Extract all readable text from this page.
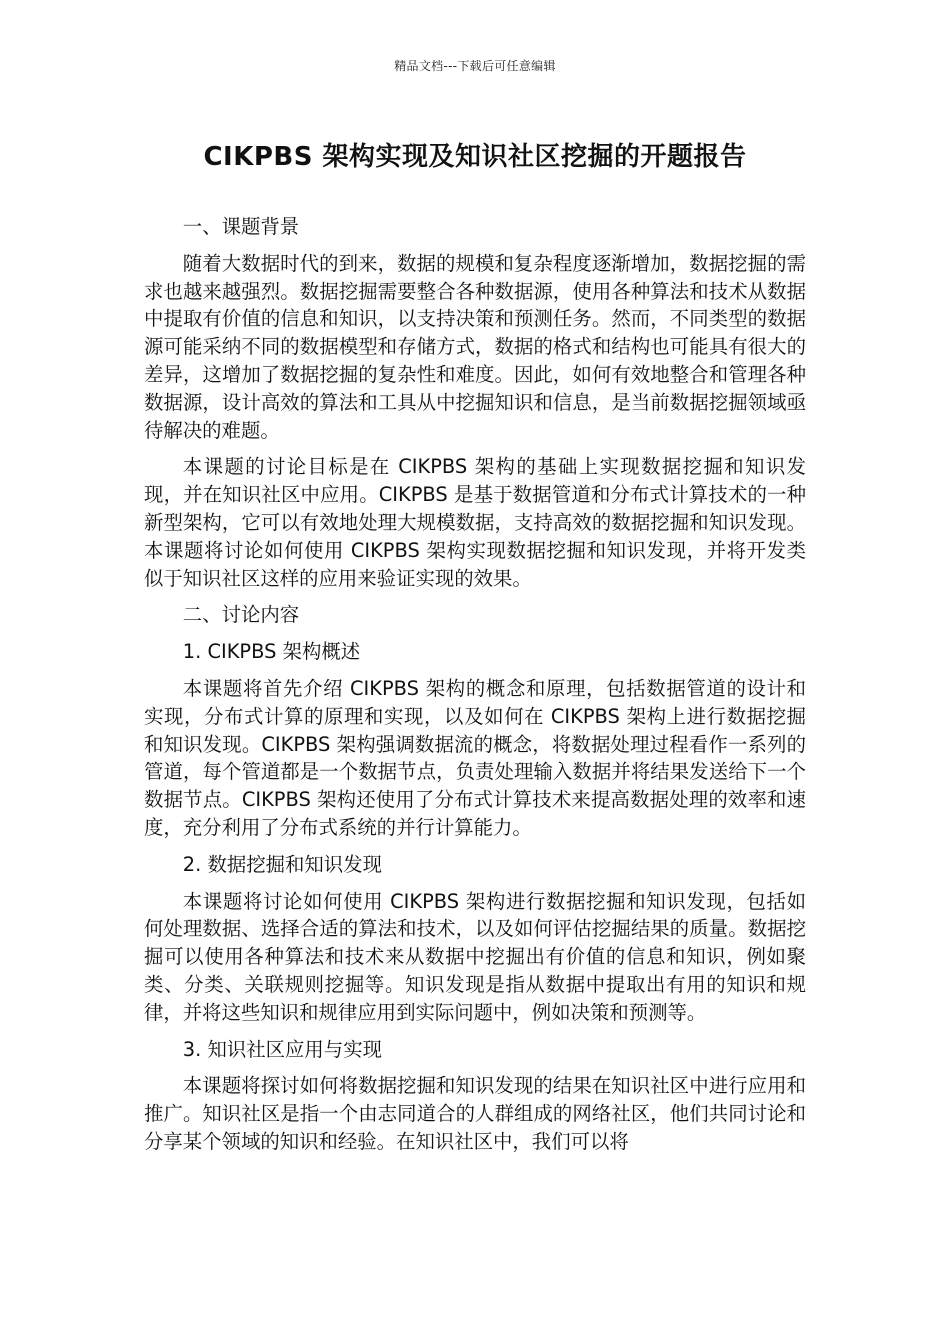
精品文档---下载后可任意编辑
CIKPBS 架构实现及知识社区挖掘的开题报告

一、课题背景

随着大数据时代的到来，数据的规模和复杂程度逐渐增加，数据挖掘的需求也越来越强烈。数据挖掘需要整合各种数据源，使用各种算法和技术从数据中提取有价值的信息和知识，以支持决策和预测任务。然而，不同类型的数据源可能采纳不同的数据模型和存储方式，数据的格式和结构也可能具有很大的差异，这增加了数据挖掘的复杂性和难度。因此，如何有效地整合和管理各种数据源，设计高效的算法和工具从中挖掘知识和信息，是当前数据挖掘领域亟待解决的难题。

本课题的讨论目标是在 CIKPBS 架构的基础上实现数据挖掘和知识发现，并在知识社区中应用。CIKPBS 是基于数据管道和分布式计算技术的一种新型架构，它可以有效地处理大规模数据，支持高效的数据挖掘和知识发现。本课题将讨论如何使用 CIKPBS 架构实现数据挖掘和知识发现，并将开发类似于知识社区这样的应用来验证实现的效果。

二、讨论内容

1. CIKPBS 架构概述

本课题将首先介绍 CIKPBS 架构的概念和原理，包括数据管道的设计和实现，分布式计算的原理和实现，以及如何在 CIKPBS 架构上进行数据挖掘和知识发现。CIKPBS 架构强调数据流的概念，将数据处理过程看作一系列的管道，每个管道都是一个数据节点，负责处理输入数据并将结果发送给下一个数据节点。CIKPBS 架构还使用了分布式计算技术来提高数据处理的效率和速度，充分利用了分布式系统的并行计算能力。

2. 数据挖掘和知识发现

本课题将讨论如何使用 CIKPBS 架构进行数据挖掘和知识发现，包括如何处理数据、选择合适的算法和技术，以及如何评估挖掘结果的质量。数据挖掘可以使用各种算法和技术来从数据中挖掘出有价值的信息和知识，例如聚类、分类、关联规则挖掘等。知识发现是指从数据中提取出有用的知识和规律，并将这些知识和规律应用到实际问题中，例如决策和预测等。

3. 知识社区应用与实现

本课题将探讨如何将数据挖掘和知识发现的结果在知识社区中进行应用和推广。知识社区是指一个由志同道合的人群组成的网络社区，他们共同讨论和分享某个领域的知识和经验。在知识社区中，我们可以将
